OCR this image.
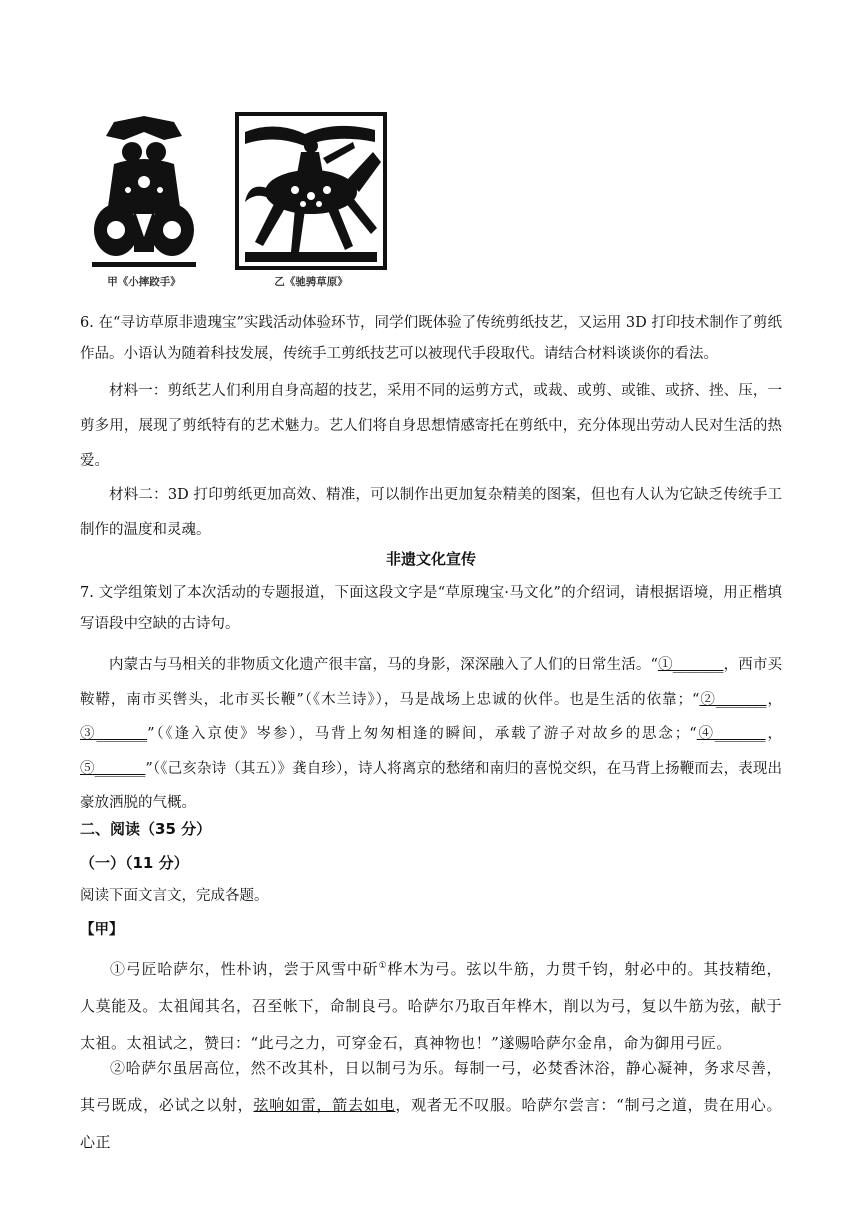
甲《小摔跤手》	乙《驰骋草原》

6. 在“寻访草原非遗瑰宝”实践活动体验环节，同学们既体验了传统剪纸技艺，又运用 3D 打印技术制作了剪纸作品。小语认为随着科技发展，传统手工剪纸技艺可以被现代手段取代。请结合材料谈谈你的看法。

材料一：剪纸艺人们利用自身高超的技艺，采用不同的运剪方式，或裁、或剪、或锥、或挤、挫、压，一剪多用，展现了剪纸特有的艺术魅力。艺人们将自身思想情感寄托在剪纸中，充分体现出劳动人民对生活的热爱。

材料二：3D 打印剪纸更加高效、精准，可以制作出更加复杂精美的图案，但也有人认为它缺乏传统手工制作的温度和灵魂。

非遗文化宣传

7. 文学组策划了本次活动的专题报道，下面这段文字是“草原瑰宝·马文化”的介绍词，请根据语境，用正楷填写语段中空缺的古诗句。

内蒙古与马相关的非物质文化遗产很丰富，马的身影，深深融入了人们的日常生活。“①_______，西市买鞍鞯，南市买辔头，北市买长鞭”（《木兰诗》），马是战场上忠诚的伙伴。也是生活的依靠；“②_______，③_______”（《逢入京使》岑参），马背上匆匆相逢的瞬间，承载了游子对故乡的思念；“④_______，⑤_______”（《己亥杂诗（其五）》龚自珍），诗人将离京的愁绪和南归的喜悦交织，在马背上扬鞭而去，表现出豪放洒脱的气概。

二、阅读（35 分）
（一）（11 分）
阅读下面文言文，完成各题。
【甲】

①弓匠哈萨尔，性朴讷，尝于风雪中斫①桦木为弓。弦以牛筋，力贯千钧，射必中的。其技精绝，人莫能及。太祖闻其名，召至帐下，命制良弓。哈萨尔乃取百年桦木，削以为弓，复以牛筋为弦，献于太祖。太祖试之，赞曰：“此弓之力，可穿金石，真神物也！”遂赐哈萨尔金帛，命为御用弓匠。

②哈萨尔虽居高位，然不改其朴，日以制弓为乐。每制一弓，必焚香沐浴，静心凝神，务求尽善，其弓既成，必试之以射，弦响如雷，箭去如电，观者无不叹服。哈萨尔尝言：“制弓之道，贵在用心。心正
